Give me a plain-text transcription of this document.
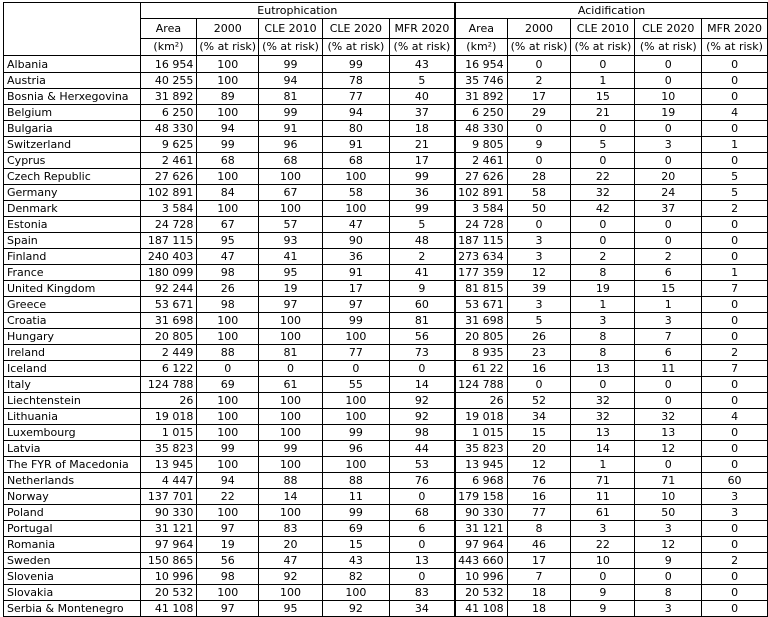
	Eutrophication					Acidification				
	Area	2000	CLE 2010	CLE 2020	MFR 2020	Area	2000	CLE 2010	CLE 2020	MFR 2020
	(km²)	(% at risk)	(% at risk)	(% at risk)	(% at risk)	(km²)	(% at risk)	(% at risk)	(% at risk)	(% at risk)
Albania	16 954	100	99	99	43	16 954	0	0	0	0
Austria	40 255	100	94	78	5	35 746	2	1	0	0
Bosnia & Herxegovina	31 892	89	81	77	40	31 892	17	15	10	0
Belgium	6 250	100	99	94	37	6 250	29	21	19	4
Bulgaria	48 330	94	91	80	18	48 330	0	0	0	0
Switzerland	9 625	99	96	91	21	9 805	9	5	3	1
Cyprus	2 461	68	68	68	17	2 461	0	0	0	0
Czech Republic	27 626	100	100	100	99	27 626	28	22	20	5
Germany	102 891	84	67	58	36	102 891	58	32	24	5
Denmark	3 584	100	100	100	99	3 584	50	42	37	2
Estonia	24 728	67	57	47	5	24 728	0	0	0	0
Spain	187 115	95	93	90	48	187 115	3	0	0	0
Finland	240 403	47	41	36	2	273 634	3	2	2	0
France	180 099	98	95	91	41	177 359	12	8	6	1
United Kingdom	92 244	26	19	17	9	81 815	39	19	15	7
Greece	53 671	98	97	97	60	53 671	3	1	1	0
Croatia	31 698	100	100	99	81	31 698	5	3	3	0
Hungary	20 805	100	100	100	56	20 805	26	8	7	0
Ireland	2 449	88	81	77	73	8 935	23	8	6	2
Iceland	6 122	0	0	0	0	61 22	16	13	11	7
Italy	124 788	69	61	55	14	124 788	0	0	0	0
Liechtenstein	26	100	100	100	92	26	52	32	0	0
Lithuania	19 018	100	100	100	92	19 018	34	32	32	4
Luxembourg	1 015	100	100	99	98	1 015	15	13	13	0
Latvia	35 823	99	99	96	44	35 823	20	14	12	0
The FYR of Macedonia	13 945	100	100	100	53	13 945	12	1	0	0
Netherlands	4 447	94	88	88	76	6 968	76	71	71	60
Norway	137 701	22	14	11	0	179 158	16	11	10	3
Poland	90 330	100	100	99	68	90 330	77	61	50	3
Portugal	31 121	97	83	69	6	31 121	8	3	3	0
Romania	97 964	19	20	15	0	97 964	46	22	12	0
Sweden	150 865	56	47	43	13	443 660	17	10	9	2
Slovenia	10 996	98	92	82	0	10 996	7	0	0	0
Slovakia	20 532	100	100	100	83	20 532	18	9	8	0
Serbia & Montenegro	41 108	97	95	92	34	41 108	18	9	3	0
